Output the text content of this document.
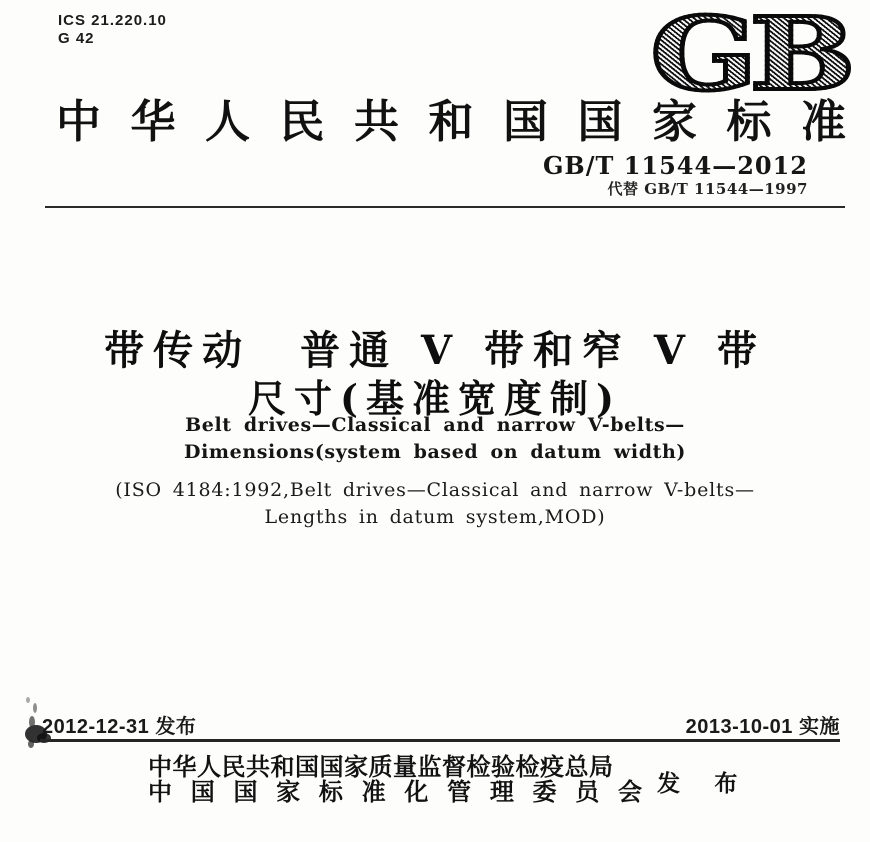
ICS 21.220.10
G 42	GB
中华人民共和国国家标准
GB/T 11544—2012
代替 GB/T 11544—1997
带传动　普通 V 带和窄 V 带
尺寸(基准宽度制)
Belt drives—Classical and narrow V-belts—
Dimensions(system based on datum width)
(ISO 4184:1992,Belt drives—Classical and narrow V-belts—
Lengths in datum system,MOD)
2012-12-31 发布	2013-10-01 实施
中华人民共和国国家质量监督检验检疫总局
中国国家标准化管理委员会 发 布
